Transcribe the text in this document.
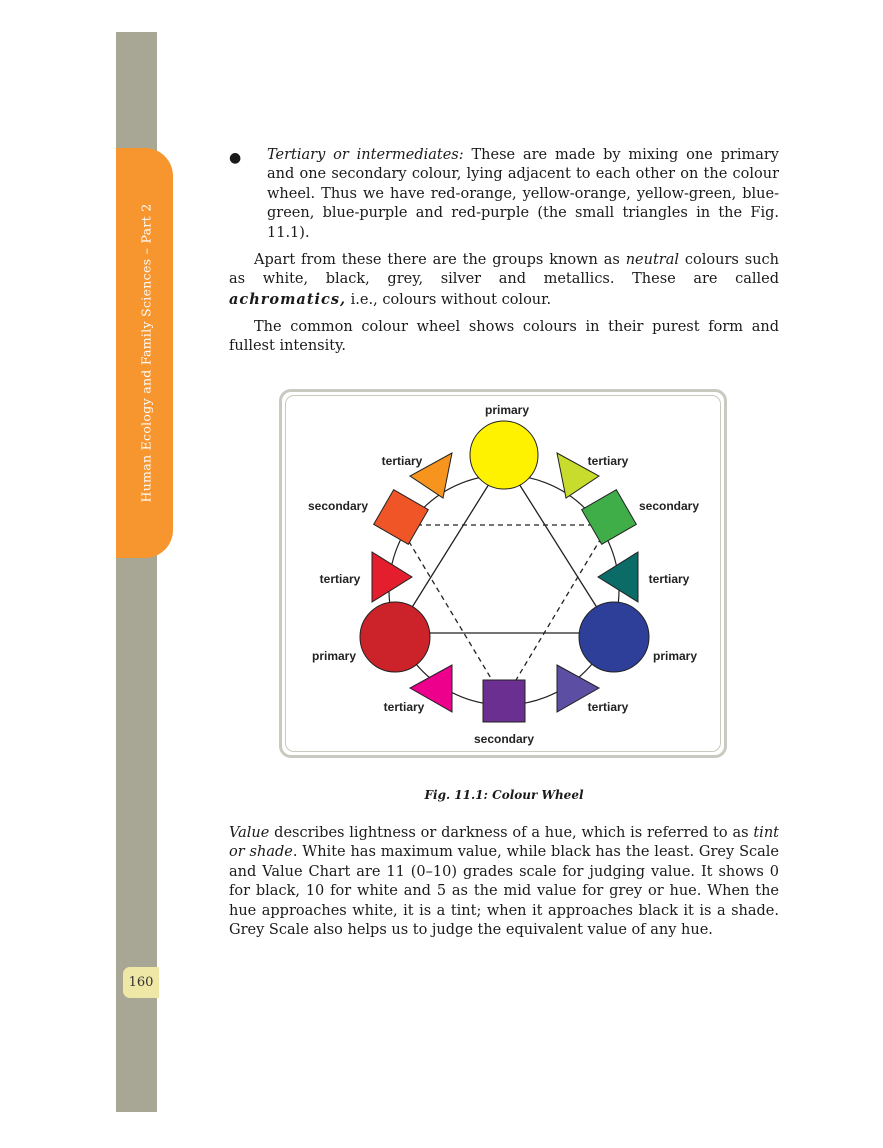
Human Ecology and Family Sciences – Part 2
160
● Tertiary or intermediates: These are made by mixing one primary and one secondary colour, lying adjacent to each other on the colour wheel. Thus we have red-orange, yellow-orange, yellow-green, blue-green, blue-purple and red-purple (the small triangles in the Fig. 11.1).
Apart from these there are the groups known as neutral colours such as white, black, grey, silver and metallics. These are called achromatics, i.e., colours without colour.
The common colour wheel shows colours in their purest form and fullest intensity.
primary
tertiary	tertiary
secondary	secondary
tertiary	tertiary
primary	primary
tertiary	tertiary
secondary
Fig. 11.1: Colour Wheel
Value describes lightness or darkness of a hue, which is referred to as tint or shade. White has maximum value, while black has the least. Grey Scale and Value Chart are 11 (0–10) grades scale for judging value. It shows 0 for black, 10 for white and 5 as the mid value for grey or hue. When the hue approaches white, it is a tint; when it approaches black it is a shade. Grey Scale also helps us to judge the equivalent value of any hue.
